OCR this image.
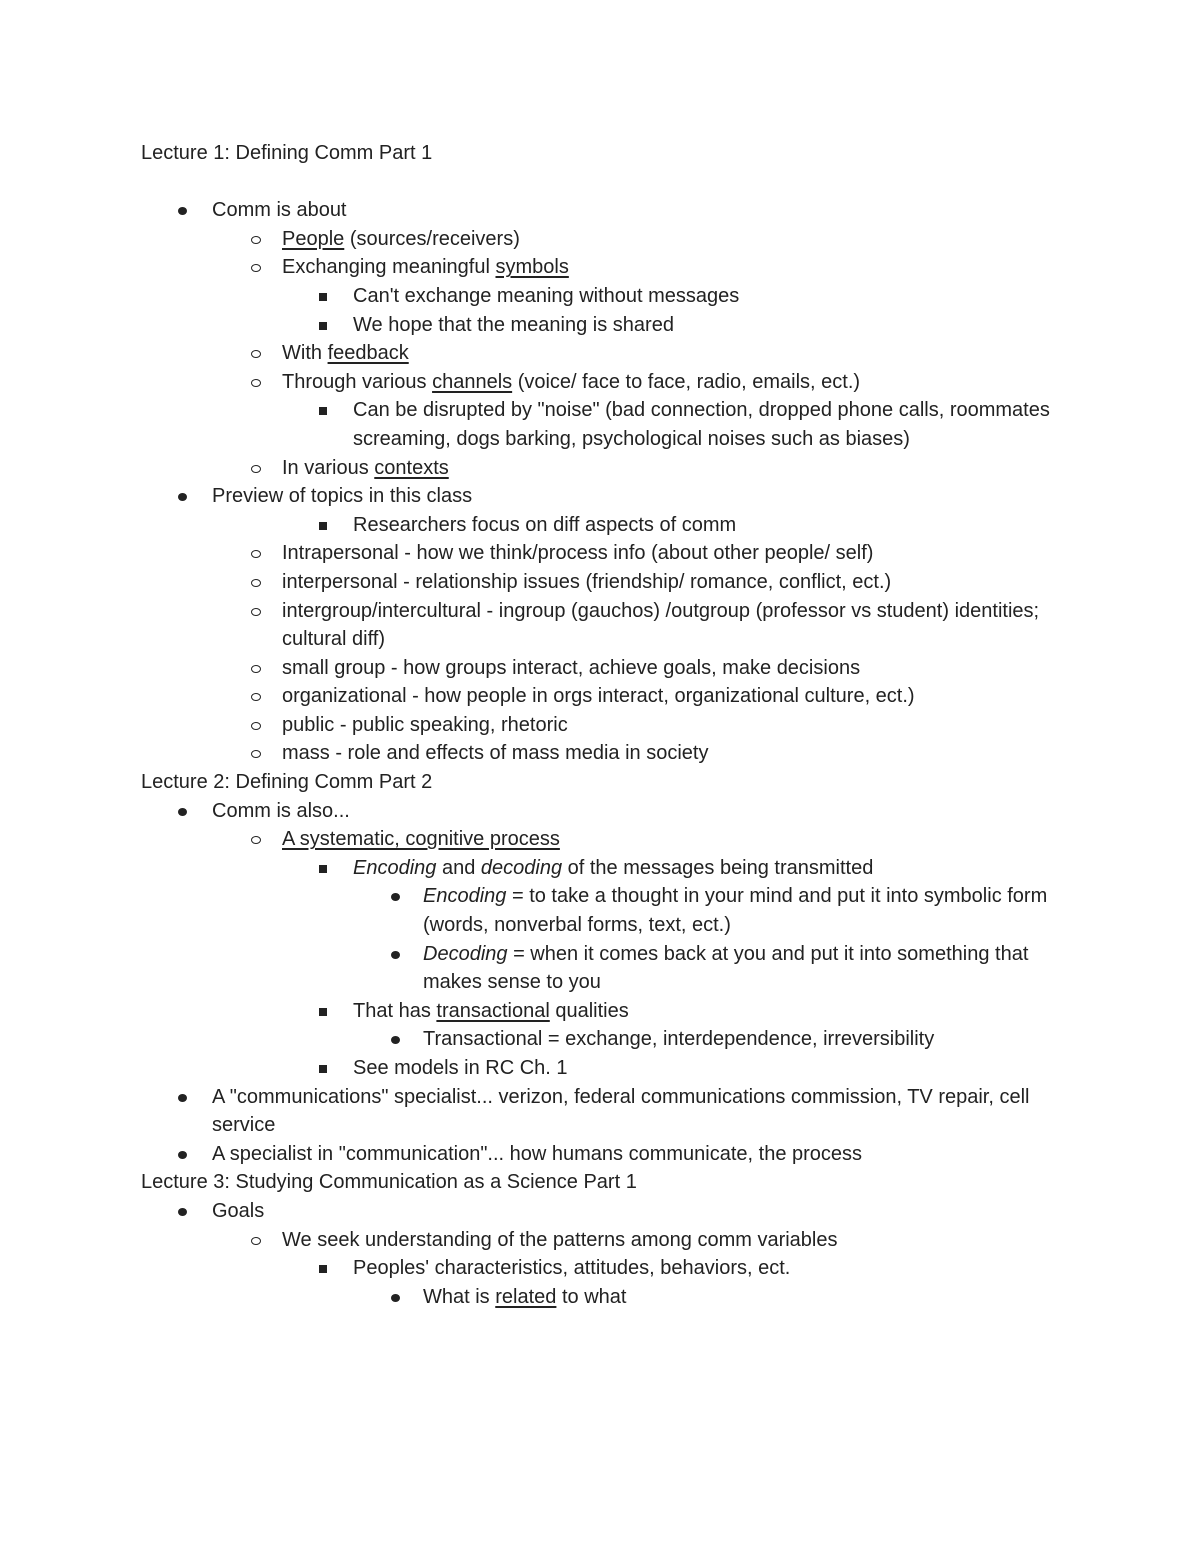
Lecture 1: Defining Comm Part 1
Comm is about
People (sources/receivers)
Exchanging meaningful symbols
Can't exchange meaning without messages
We hope that the meaning is shared
With feedback
Through various channels (voice/ face to face, radio, emails, ect.)
Can be disrupted by "noise" (bad connection, dropped phone calls, roommates screaming, dogs barking, psychological noises such as biases)
In various contexts
Preview of topics in this class
Researchers focus on diff aspects of comm
Intrapersonal - how we think/process info (about other people/ self)
interpersonal - relationship issues (friendship/ romance, conflict, ect.)
intergroup/intercultural - ingroup (gauchos) /outgroup (professor vs student) identities; cultural diff)
small group - how groups interact, achieve goals, make decisions
organizational - how people in orgs interact, organizational culture, ect.)
public - public speaking, rhetoric
mass - role and effects of mass media in society
Lecture 2: Defining Comm Part 2
Comm is also...
A systematic, cognitive process
Encoding and decoding of the messages being transmitted
Encoding = to take a thought in your mind and put it into symbolic form (words, nonverbal forms, text, ect.)
Decoding = when it comes back at you and put it into something that makes sense to you
That has transactional qualities
Transactional = exchange, interdependence, irreversibility
See models in RC Ch. 1
A "communications" specialist... verizon, federal communications commission, TV repair, cell service
A specialist in "communication"... how humans communicate, the process
Lecture 3: Studying Communication as a Science Part 1
Goals
We seek understanding of the patterns among comm variables
Peoples' characteristics, attitudes, behaviors, ect.
What is related to what
